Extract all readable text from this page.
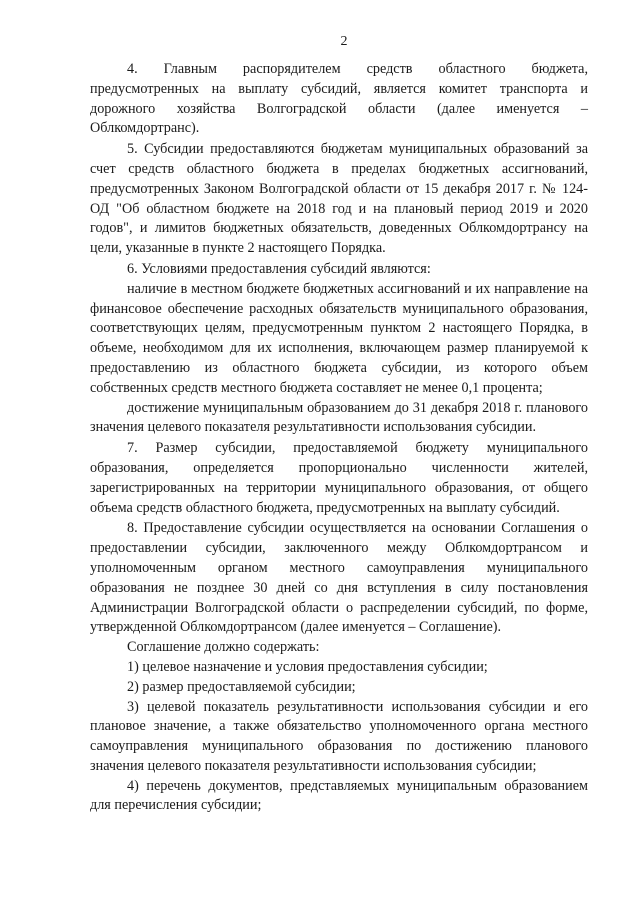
2

4. Главным распорядителем средств областного бюджета, предусмотренных на выплату субсидий, является комитет транспорта и дорожного хозяйства Волгоградской области (далее именуется – Облкомдортранс).

5. Субсидии предоставляются бюджетам муниципальных образований за счет средств областного бюджета в пределах бюджетных ассигнований, предусмотренных Законом Волгоградской области от 15 декабря 2017 г. № 124-ОД "Об областном бюджете на 2018 год и на плановый период 2019 и 2020 годов", и лимитов бюджетных обязательств, доведенных Облкомдортрансу на цели, указанные в пункте 2 настоящего Порядка.

6. Условиями предоставления субсидий являются:

наличие в местном бюджете бюджетных ассигнований и их направление на финансовое обеспечение расходных обязательств муниципального образования, соответствующих целям, предусмотренным пунктом 2 настоящего Порядка, в объеме, необходимом для их исполнения, включающем размер планируемой к предоставлению из областного бюджета субсидии, из которого объем собственных средств местного бюджета составляет не менее 0,1 процента;

достижение муниципальным образованием до 31 декабря 2018 г. планового значения целевого показателя результативности использования субсидии.

7. Размер субсидии, предоставляемой бюджету муниципального образования, определяется пропорционально численности жителей, зарегистрированных на территории муниципального образования, от общего объема средств областного бюджета, предусмотренных на выплату субсидий.

8. Предоставление субсидии осуществляется на основании Соглашения о предоставлении субсидии, заключенного между Облкомдортрансом и уполномоченным органом местного самоуправления муниципального образования не позднее 30 дней со дня вступления в силу постановления Администрации Волгоградской области о распределении субсидий, по форме, утвержденной Облкомдортрансом (далее именуется – Соглашение).

Соглашение должно содержать:

1) целевое назначение и условия предоставления субсидии;

2) размер предоставляемой субсидии;

3) целевой показатель результативности использования субсидии и его плановое значение, а также обязательство уполномоченного органа местного самоуправления муниципального образования по достижению планового значения целевого показателя результативности использования субсидии;

4) перечень документов, представляемых муниципальным образованием для перечисления субсидии;
